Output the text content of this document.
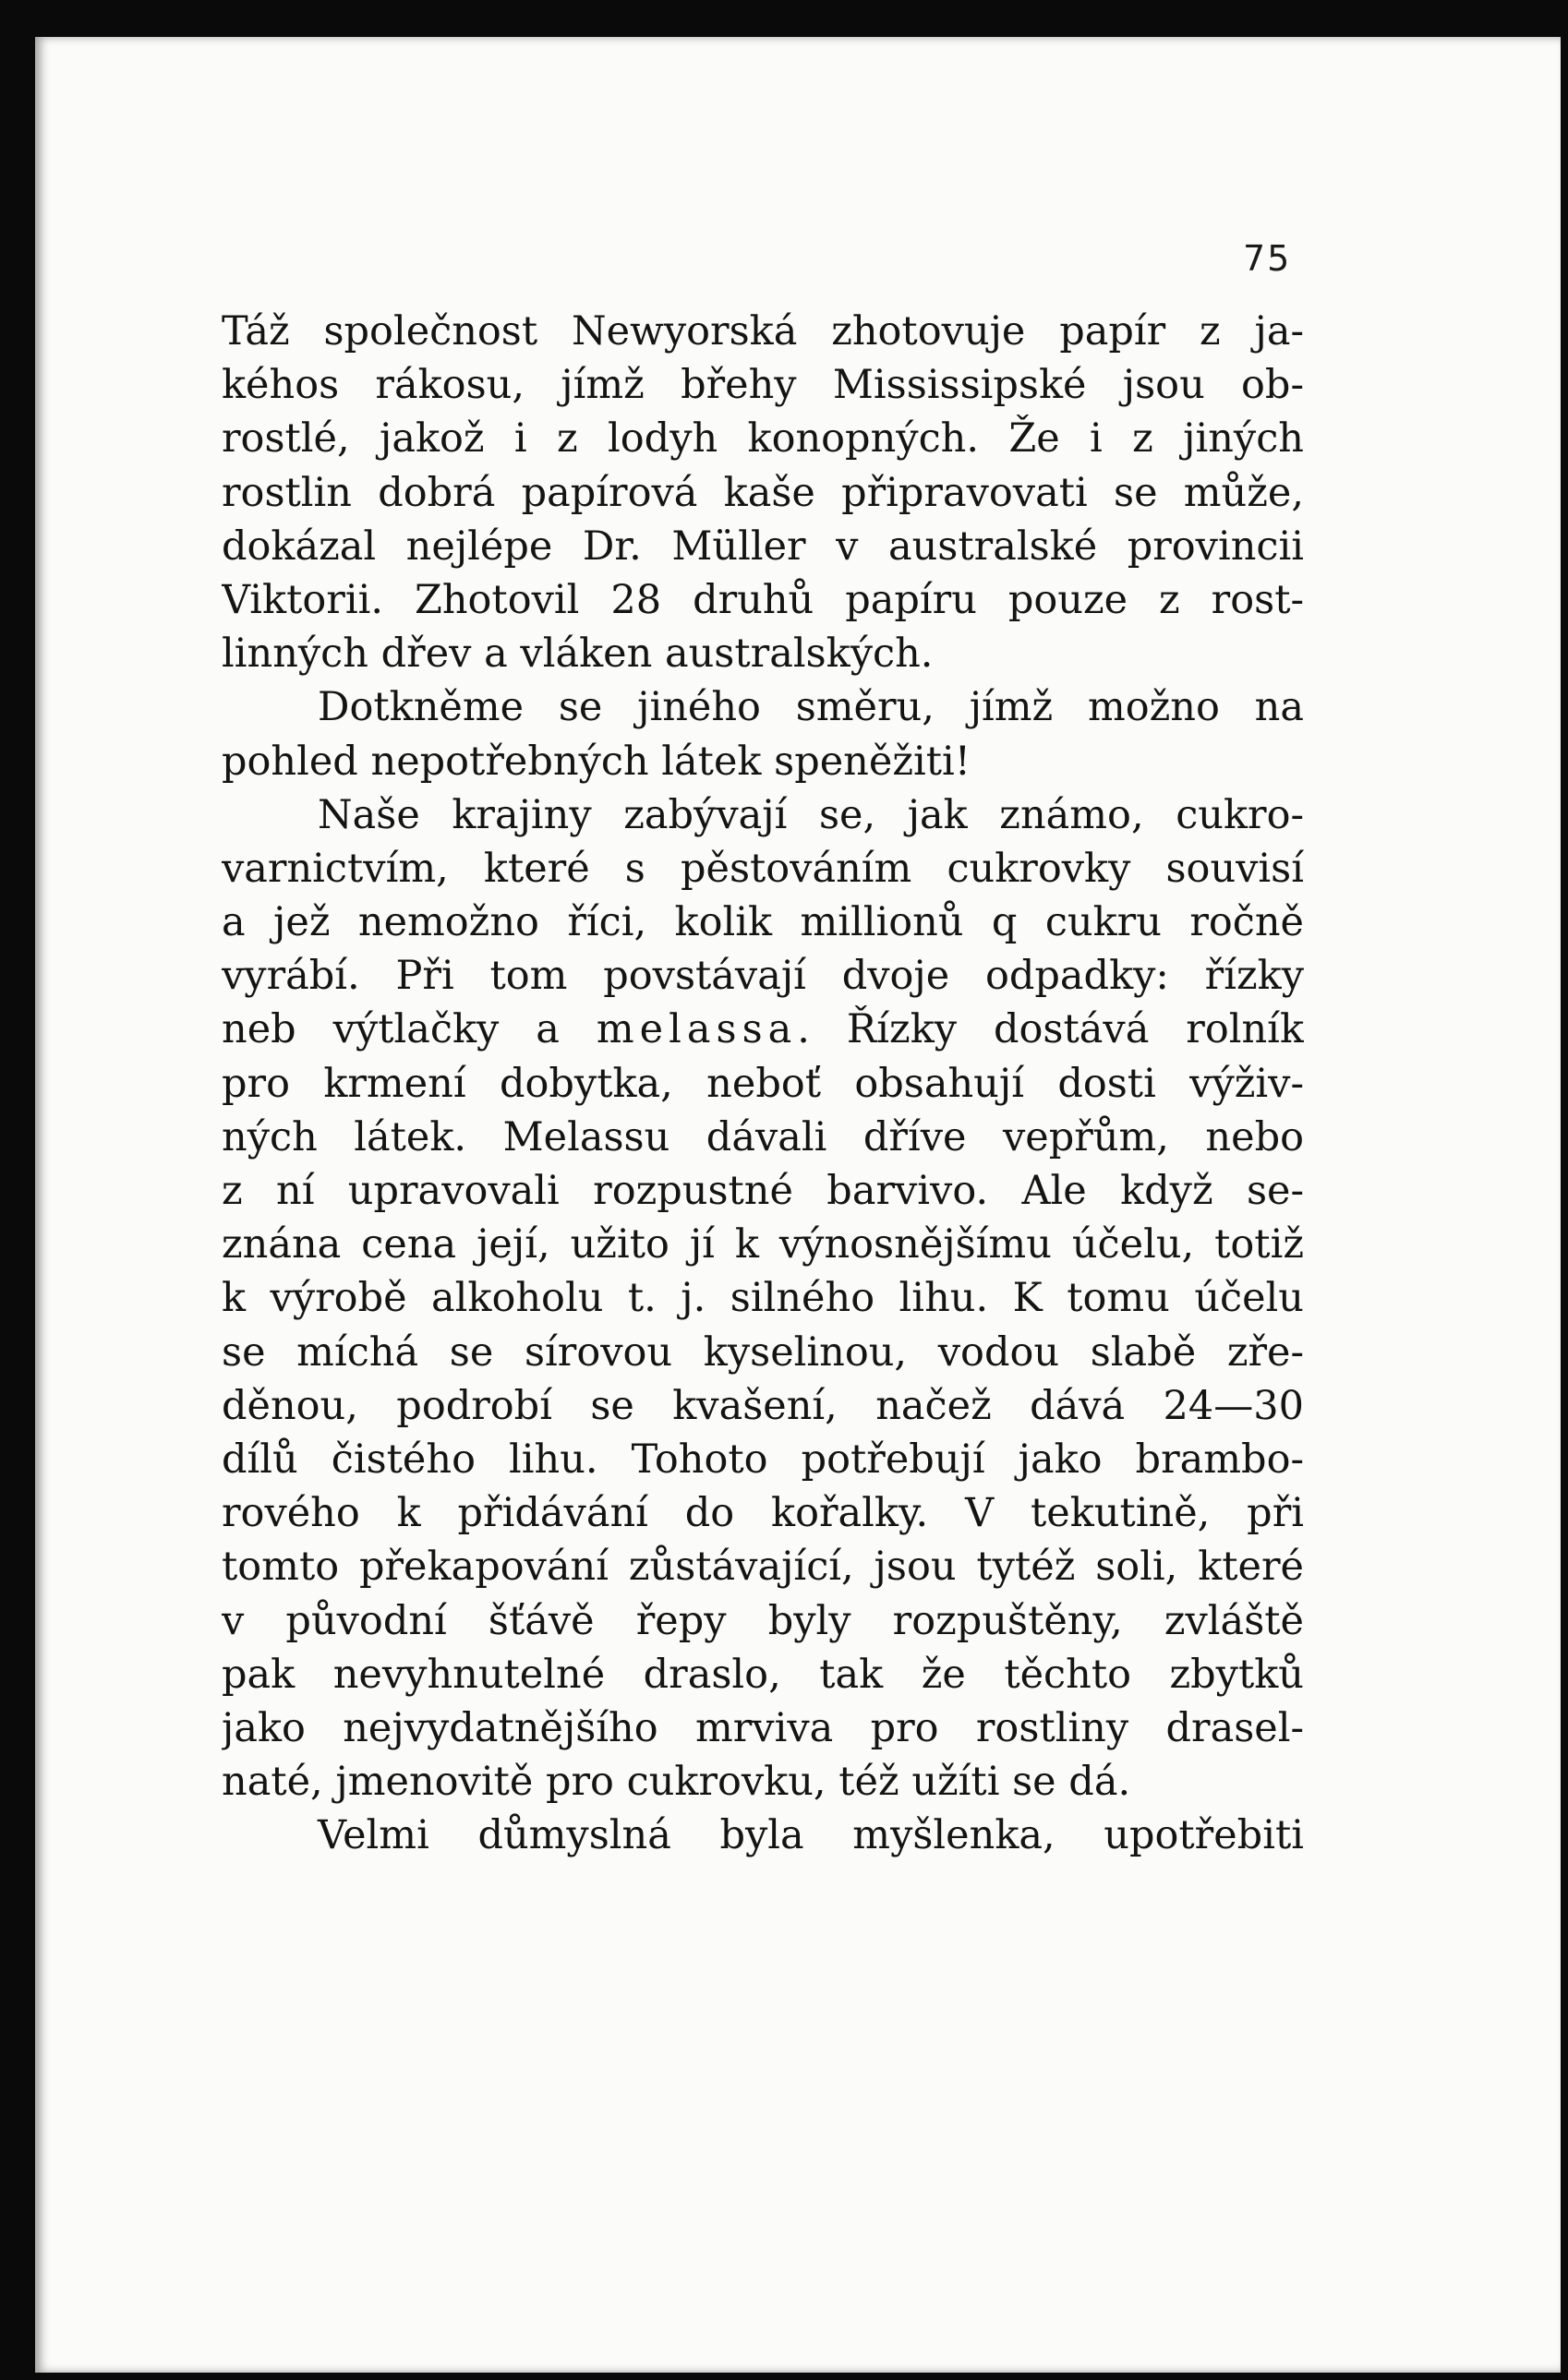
75
Táž společnost Newyorská zhotovuje papír z ja-
kéhos rákosu, jímž břehy Mississipské jsou ob-
rostlé, jakož i z lodyh konopných. Že i z jiných
rostlin dobrá papírová kaše připravovati se může,
dokázal nejlépe Dr. Müller v australské provincii
Viktorii. Zhotovil 28 druhů papíru pouze z rost-
linných dřev a vláken australských.
Dotkněme se jiného směru, jímž možno na
pohled nepotřebných látek speněžiti!
Naše krajiny zabývají se, jak známo, cukro-
varnictvím, které s pěstováním cukrovky souvisí
a jež nemožno říci, kolik millionů q cukru ročně
vyrábí. Při tom povstávají dvoje odpadky: řízky
neb výtlačky a melassa. Řízky dostává rolník
pro krmení dobytka, neboť obsahují dosti výživ-
ných látek. Melassu dávali dříve vepřům, nebo
z ní upravovali rozpustné barvivo. Ale když se-
znána cena její, užito jí k výnosnějšímu účelu, totiž
k výrobě alkoholu t. j. silného lihu. K tomu účelu
se míchá se sírovou kyselinou, vodou slabě zře-
děnou, podrobí se kvašení, načež dává 24—30
dílů čistého lihu. Tohoto potřebují jako brambo-
rového k přidávání do kořalky. V tekutině, při
tomto překapování zůstávající, jsou tytéž soli, které
v původní šťávě řepy byly rozpuštěny, zvláště
pak nevyhnutelné draslo, tak že těchto zbytků
jako nejvydatnějšího mrviva pro rostliny drasel-
naté, jmenovitě pro cukrovku, též užíti se dá.
Velmi důmyslná byla myšlenka, upotřebiti
